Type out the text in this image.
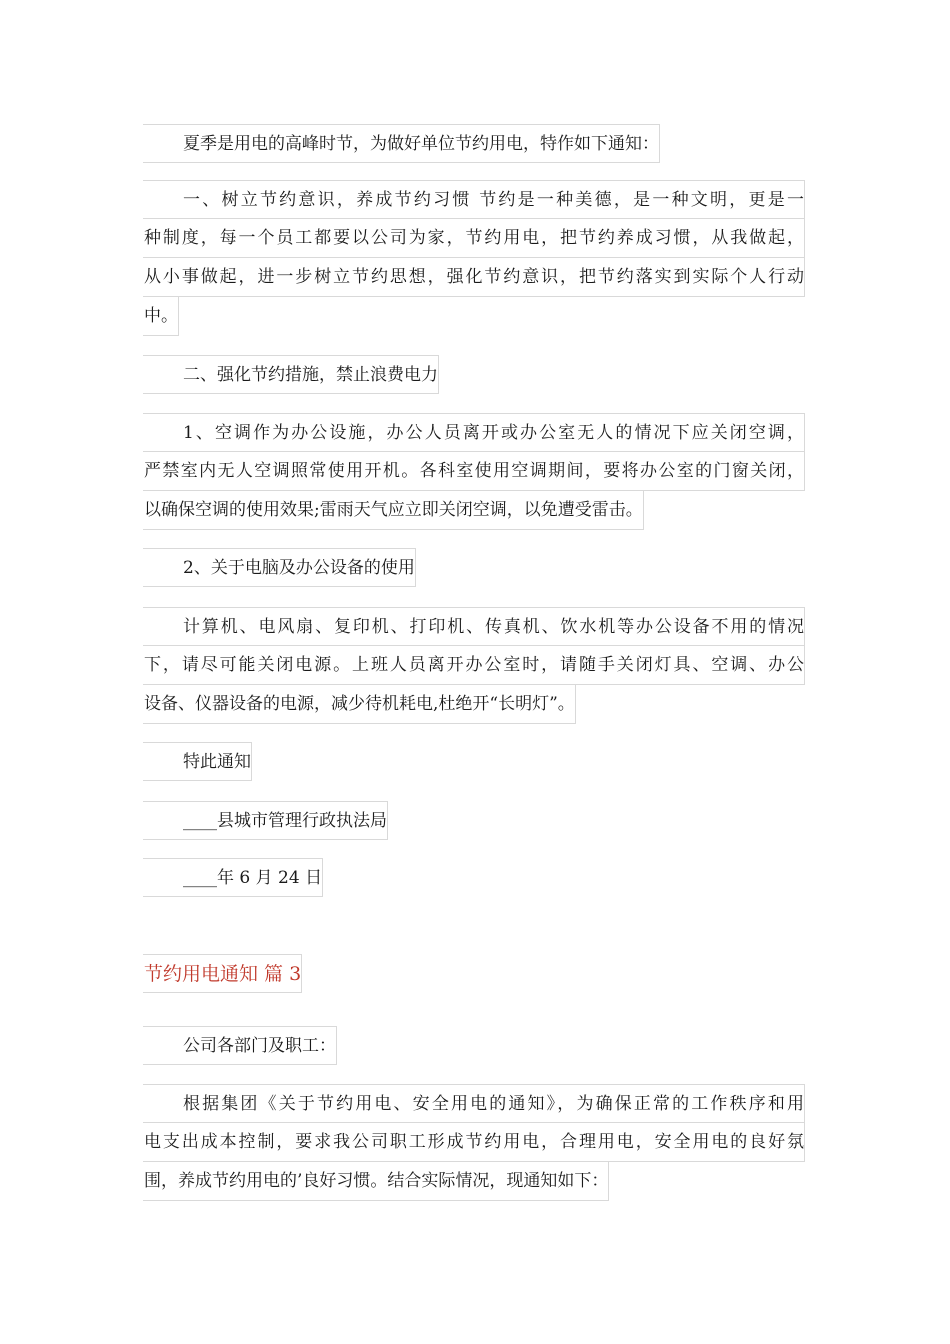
夏季是用电的高峰时节，为做好单位节约用电，特作如下通知：
一、树立节约意识，养成节约习惯 节约是一种美德，是一种文明，更是一
种制度，每一个员工都要以公司为家，节约用电，把节约养成习惯，从我做起，
从小事做起，进一步树立节约思想，强化节约意识，把节约落实到实际个人行动
中。
二、强化节约措施，禁止浪费电力
1、空调作为办公设施，办公人员离开或办公室无人的情况下应关闭空调，
严禁室内无人空调照常使用开机。各科室使用空调期间，要将办公室的门窗关闭，
以确保空调的使用效果;雷雨天气应立即关闭空调，以免遭受雷击。
2、关于电脑及办公设备的使用
计算机、电风扇、复印机、打印机、传真机、饮水机等办公设备不用的情况
下，请尽可能关闭电源。上班人员离开办公室时，请随手关闭灯具、空调、办公
设备、仪器设备的电源，减少待机耗电,杜绝开“长明灯”。
特此通知
____县城市管理行政执法局
____年 6 月 24 日
节约用电通知 篇 3
公司各部门及职工：
根据集团《关于节约用电、安全用电的通知》，为确保正常的工作秩序和用
电支出成本控制，要求我公司职工形成节约用电，合理用电，安全用电的良好氛
围，养成节约用电的’良好习惯。结合实际情况，现通知如下：
